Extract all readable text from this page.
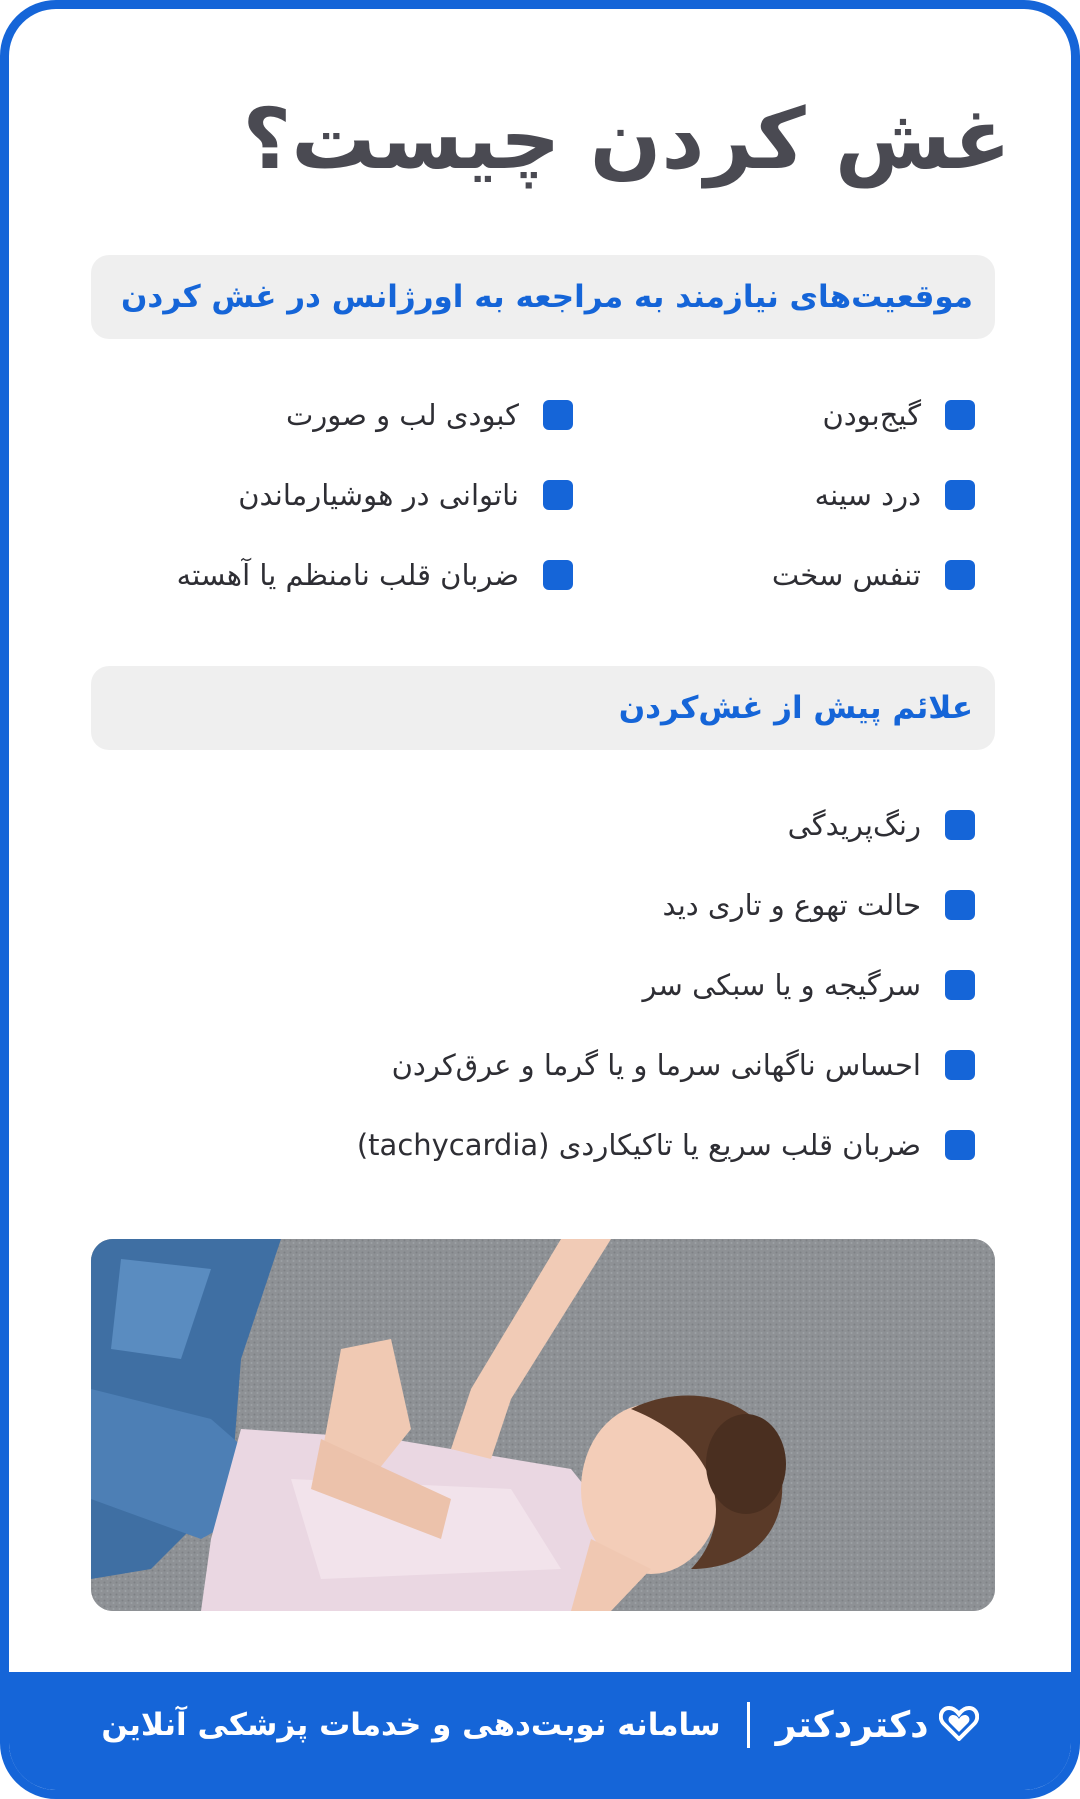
غش کردن چیست؟
موقعیت‌های نیازمند به مراجعه به اورژانس در غش کردن
گیج‌بودن
درد سینه
تنفس سخت
کبودی لب و صورت
ناتوانی در هوشیارماندن
ضربان قلب نامنظم یا آهسته
علائم پیش از غش‌کردن
رنگ‌پریدگی
حالت تهوع و تاری دید
سرگیجه و یا سبکی سر
احساس ناگهانی سرما و یا گرما و عرق‌کردن
ضربان قلب سریع یا تاکیکاردی (tachycardia)
دکتردکتر
سامانه نوبت‌دهی و خدمات پزشکی آنلاین
